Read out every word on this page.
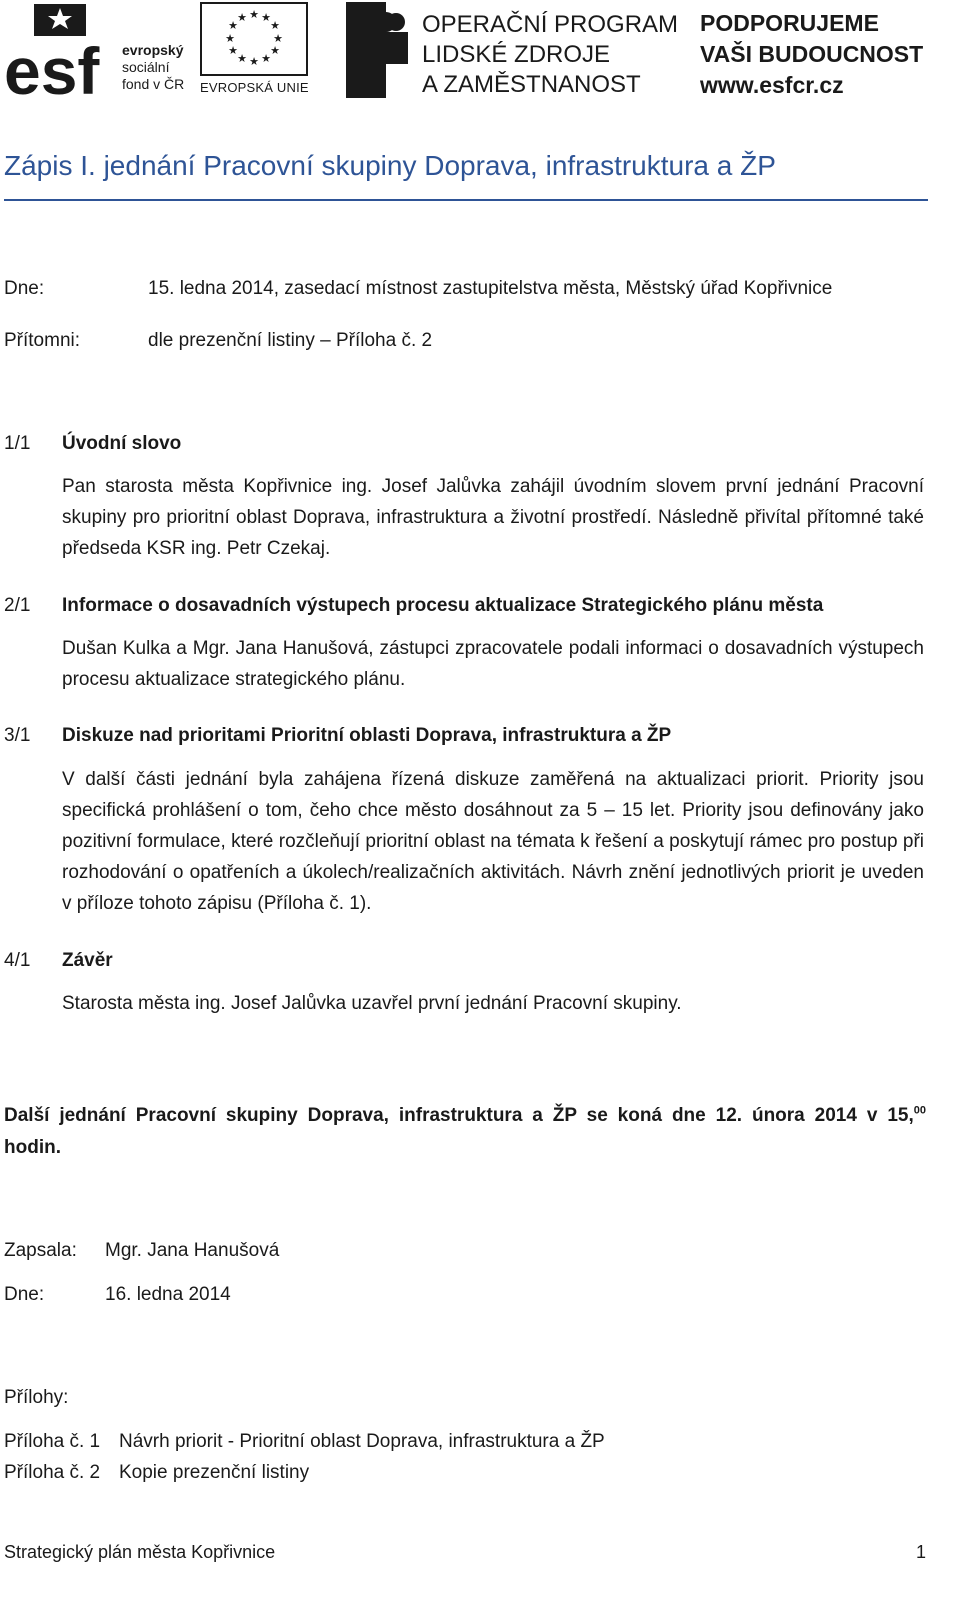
esf evropský
sociální
fond v ČR
★ ★
★
★
★
★
★
★
★
★
★
★
EVROPSKÁ UNIE
OPERAČNÍ PROGRAM
LIDSKÉ ZDROJE
A ZAMĚSTNANOST
PODPORUJEME
VAŠI BUDOUCNOST
www.esfcr.cz
Zápis I. jednání Pracovní skupiny Doprava, infrastruktura a ŽP
Dne:	15. ledna 2014, zasedací místnost zastupitelstva města, Městský úřad Kopřivnice
Přítomni:	dle prezenční listiny – Příloha č. 2
1/1 Úvodní slovo
Pan starosta města Kopřivnice ing. Josef Jalůvka zahájil úvodním slovem první jednání Pracovní skupiny pro prioritní oblast Doprava, infrastruktura a životní prostředí. Následně přivítal přítomné také předseda KSR ing. Petr Czekaj.
2/1 Informace o dosavadních výstupech procesu aktualizace Strategického plánu města
Dušan Kulka a Mgr. Jana Hanušová, zástupci zpracovatele podali informaci o dosavadních výstupech procesu aktualizace strategického plánu.
3/1 Diskuze nad prioritami Prioritní oblasti Doprava, infrastruktura a ŽP
V další části jednání byla zahájena řízená diskuze zaměřená na aktualizaci priorit. Priority jsou specifická prohlášení o tom, čeho chce město dosáhnout za 5 – 15 let. Priority jsou definovány jako pozitivní formulace, které rozčleňují prioritní oblast na témata k řešení a poskytují rámec pro postup při rozhodování o opatřeních a úkolech/realizačních aktivitách. Návrh znění jednotlivých priorit je uveden v příloze tohoto zápisu (Příloha č. 1).
4/1 Závěr
Starosta města ing. Josef Jalůvka uzavřel první jednání Pracovní skupiny.
Další jednání Pracovní skupiny Doprava, infrastruktura a ŽP se koná dne 12. února 2014 v 15,00
hodin.
Zapsala: Mgr. Jana Hanušová
Dne:	16. ledna 2014
Přílohy:
Příloha č. 1 Návrh priorit - Prioritní oblast Doprava, infrastruktura a ŽP
Příloha č. 2 Kopie prezenční listiny
Strategický plán města Kopřivnice	1
